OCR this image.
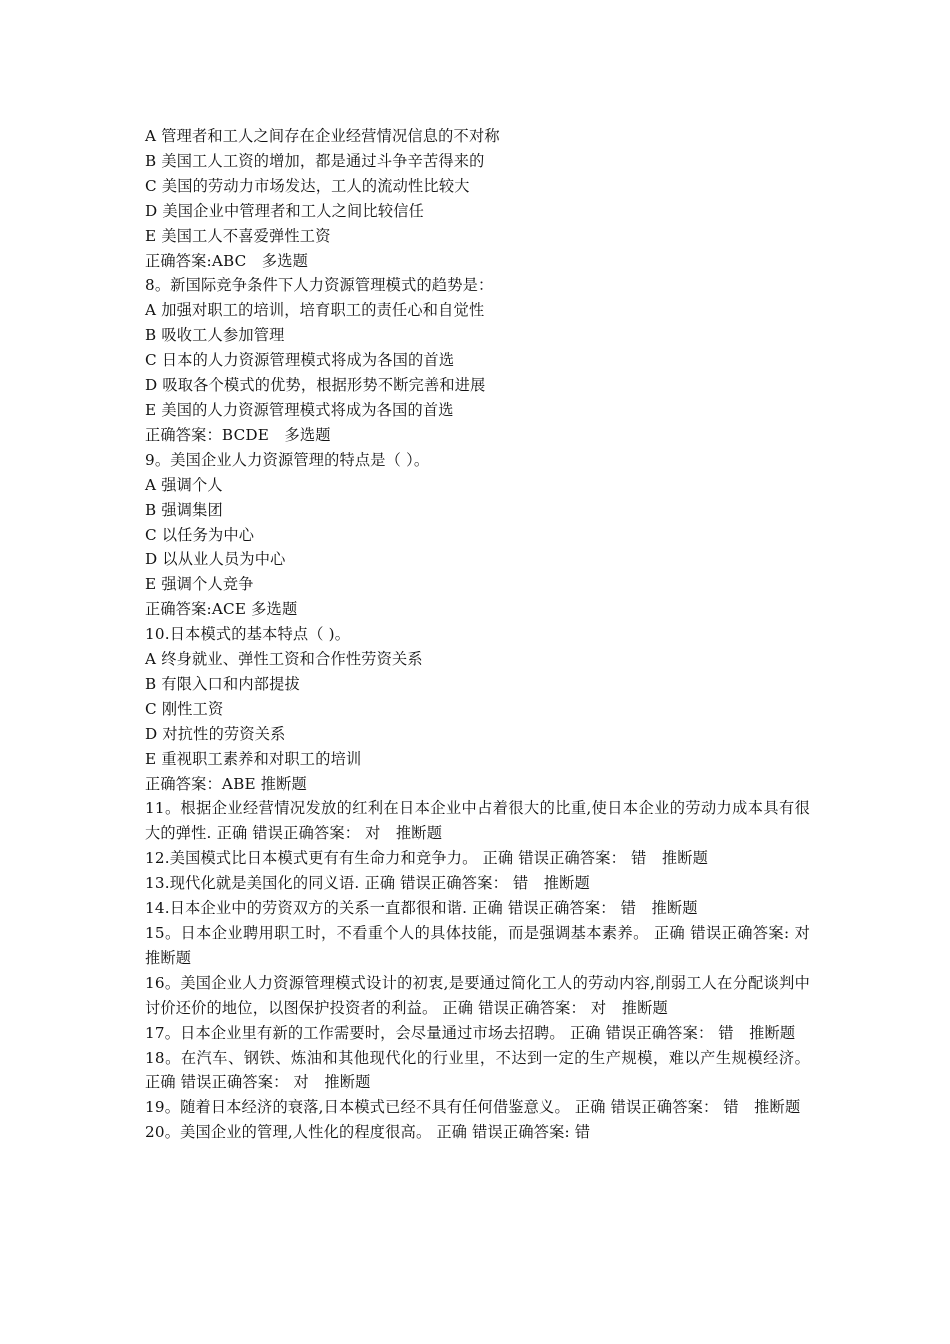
A 管理者和工人之间存在企业经营情况信息的不对称
B 美国工人工资的增加，都是通过斗争辛苦得来的
C 美国的劳动力市场发达，工人的流动性比较大
D 美国企业中管理者和工人之间比较信任
E 美国工人不喜爱弹性工资
正确答案:ABC　多选题
8。新国际竞争条件下人力资源管理模式的趋势是：
A 加强对职工的培训，培育职工的责任心和自觉性
B 吸收工人参加管理
C 日本的人力资源管理模式将成为各国的首选
D 吸取各个模式的优势，根据形势不断完善和进展
E 美国的人力资源管理模式将成为各国的首选
正确答案：BCDE　多选题
9。美国企业人力资源管理的特点是（ ）。
A 强调个人
B 强调集团
C 以任务为中心
D 以从业人员为中心
E 强调个人竞争
正确答案:ACE 多选题
10.日本模式的基本特点（ )。
A 终身就业、弹性工资和合作性劳资关系
B 有限入口和内部提拔
C 刚性工资
D 对抗性的劳资关系
E 重视职工素养和对职工的培训
正确答案：ABE 推断题
11。根据企业经营情况发放的红利在日本企业中占着很大的比重,使日本企业的劳动力成本具有很大的弹性. 正确 错误正确答案： 对　推断题
12.美国模式比日本模式更有有生命力和竞争力。 正确 错误正确答案： 错　推断题
13.现代化就是美国化的同义语. 正确 错误正确答案： 错　推断题
14.日本企业中的劳资双方的关系一直都很和谐. 正确 错误正确答案： 错　推断题
15。日本企业聘用职工时，不看重个人的具体技能，而是强调基本素养。 正确 错误正确答案: 对　推断题
16。美国企业人力资源管理模式设计的初衷,是要通过简化工人的劳动内容,削弱工人在分配谈判中讨价还价的地位，以图保护投资者的利益。 正确 错误正确答案： 对　推断题
17。日本企业里有新的工作需要时，会尽量通过市场去招聘。 正确 错误正确答案： 错　推断题
18。在汽车、钢铁、炼油和其他现代化的行业里，不达到一定的生产规模，难以产生规模经济。 正确 错误正确答案： 对　推断题
19。随着日本经济的衰落,日本模式已经不具有任何借鉴意义。 正确 错误正确答案： 错　推断题
20。美国企业的管理,人性化的程度很高。 正确 错误正确答案: 错
